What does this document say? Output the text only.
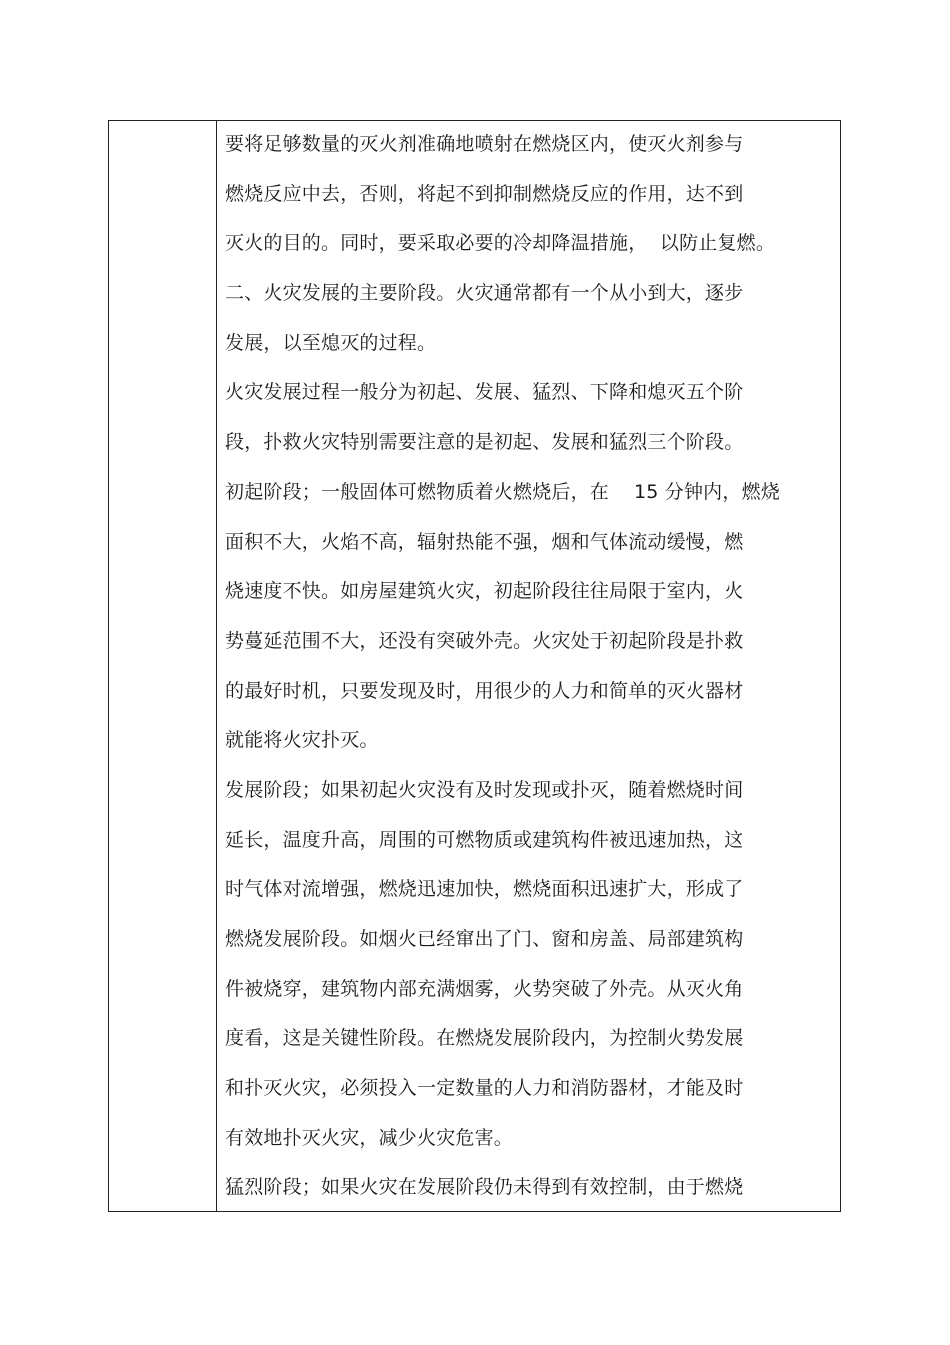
要将足够数量的灭火剂准确地喷射在燃烧区内，使灭火剂参与
燃烧反应中去，否则，将起不到抑制燃烧反应的作用，达不到
灭火的目的。同时，要采取必要的冷却降温措施，  以防止复燃。
二、火灾发展的主要阶段。火灾通常都有一个从小到大，逐步
发展，以至熄灭的过程。
火灾发展过程一般分为初起、发展、猛烈、下降和熄灭五个阶
段，扑救火灾特别需要注意的是初起、发展和猛烈三个阶段。
初起阶段；一般固体可燃物质着火燃烧后，在    15 分钟内，燃烧
面积不大，火焰不高，辐射热能不强，烟和气体流动缓慢，燃
烧速度不快。如房屋建筑火灾，初起阶段往往局限于室内，火
势蔓延范围不大，还没有突破外壳。火灾处于初起阶段是扑救
的最好时机，只要发现及时，用很少的人力和简单的灭火器材
就能将火灾扑灭。
发展阶段；如果初起火灾没有及时发现或扑灭，随着燃烧时间
延长，温度升高，周围的可燃物质或建筑构件被迅速加热，这
时气体对流增强，燃烧迅速加快，燃烧面积迅速扩大，形成了
燃烧发展阶段。如烟火已经窜出了门、窗和房盖、局部建筑构
件被烧穿，建筑物内部充满烟雾，火势突破了外壳。从灭火角
度看，这是关键性阶段。在燃烧发展阶段内，为控制火势发展
和扑灭火灾，必须投入一定数量的人力和消防器材，才能及时
有效地扑灭火灾，减少火灾危害。
猛烈阶段；如果火灾在发展阶段仍未得到有效控制，由于燃烧
